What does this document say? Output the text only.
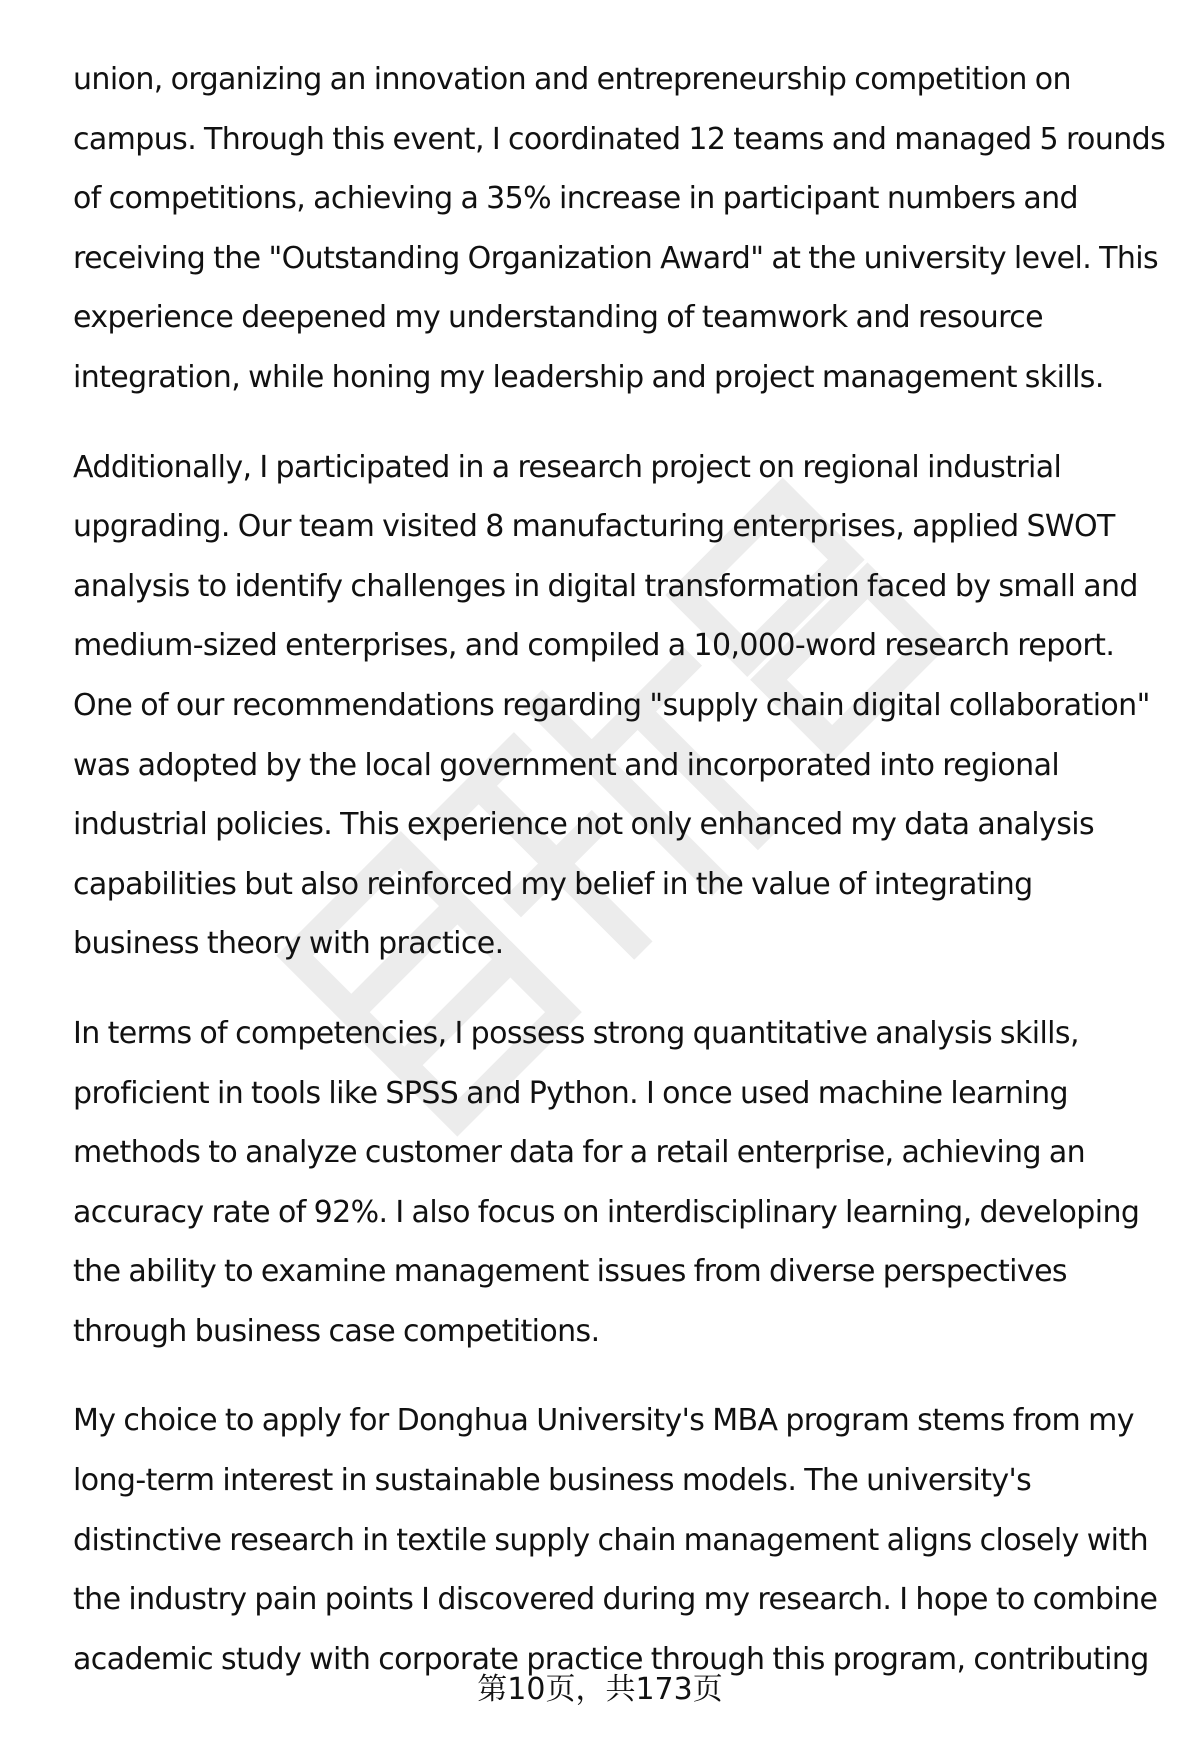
union, organizing an innovation and entrepreneurship competition on
campus. Through this event, I coordinated 12 teams and managed 5 rounds
of competitions, achieving a 35% increase in participant numbers and
receiving the "Outstanding Organization Award" at the university level. This
experience deepened my understanding of teamwork and resource
integration, while honing my leadership and project management skills.

Additionally, I participated in a research project on regional industrial
upgrading. Our team visited 8 manufacturing enterprises, applied SWOT
analysis to identify challenges in digital transformation faced by small and
medium-sized enterprises, and compiled a 10,000-word research report.
One of our recommendations regarding "supply chain digital collaboration"
was adopted by the local government and incorporated into regional
industrial policies. This experience not only enhanced my data analysis
capabilities but also reinforced my belief in the value of integrating
business theory with practice.

In terms of competencies, I possess strong quantitative analysis skills,
proficient in tools like SPSS and Python. I once used machine learning
methods to analyze customer data for a retail enterprise, achieving an
accuracy rate of 92%. I also focus on interdisciplinary learning, developing
the ability to examine management issues from diverse perspectives
through business case competitions.

My choice to apply for Donghua University's MBA program stems from my
long-term interest in sustainable business models. The university's
distinctive research in textile supply chain management aligns closely with
the industry pain points I discovered during my research. I hope to combine
academic study with corporate practice through this program, contributing

第10页，共173页
